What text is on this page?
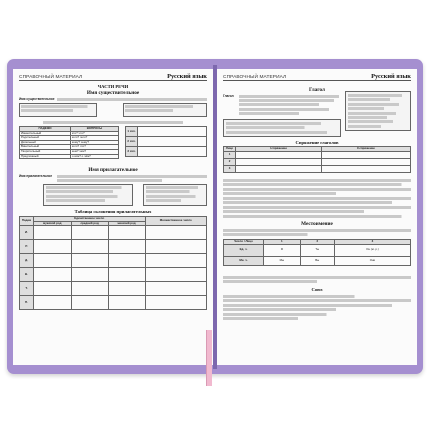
СПРАВОЧНЫЙ МАТЕРИАЛ	Русский язык
ЧАСТИ РЕЧИ
Имя существительное
Имя существительное
ПАДЕЖИ	ВОПРОСЫ
Именительный	кто? что?
Родительный	кого? чего?
Дательный	кому? чему?
Винительный	кого? что?
Творительный	кем? чем?
Предложный	о ком? о чём?
1 скл.	
2 скл.	
3 скл.	
Имя прилагательное
Имя прилагательное
Таблица склонения прилагательных
Падеж	Единственное число			Множественное число
	мужской род	средний род	женский род	
И.				
Р.				
Д.				
В.				
Т.				
П.				
СПРАВОЧНЫЙ МАТЕРИАЛ	Русский язык
Глагол
Глагол
Спряжение глаголов
Лицо	I спряжение	II спряжение
1		
2		
3		
Местоимение
Число / Лицо	1	2	3
Ед. ч.	Я	Ты	Он (м. р.)
Мн. ч.	Мы	Вы	Они
Союз
